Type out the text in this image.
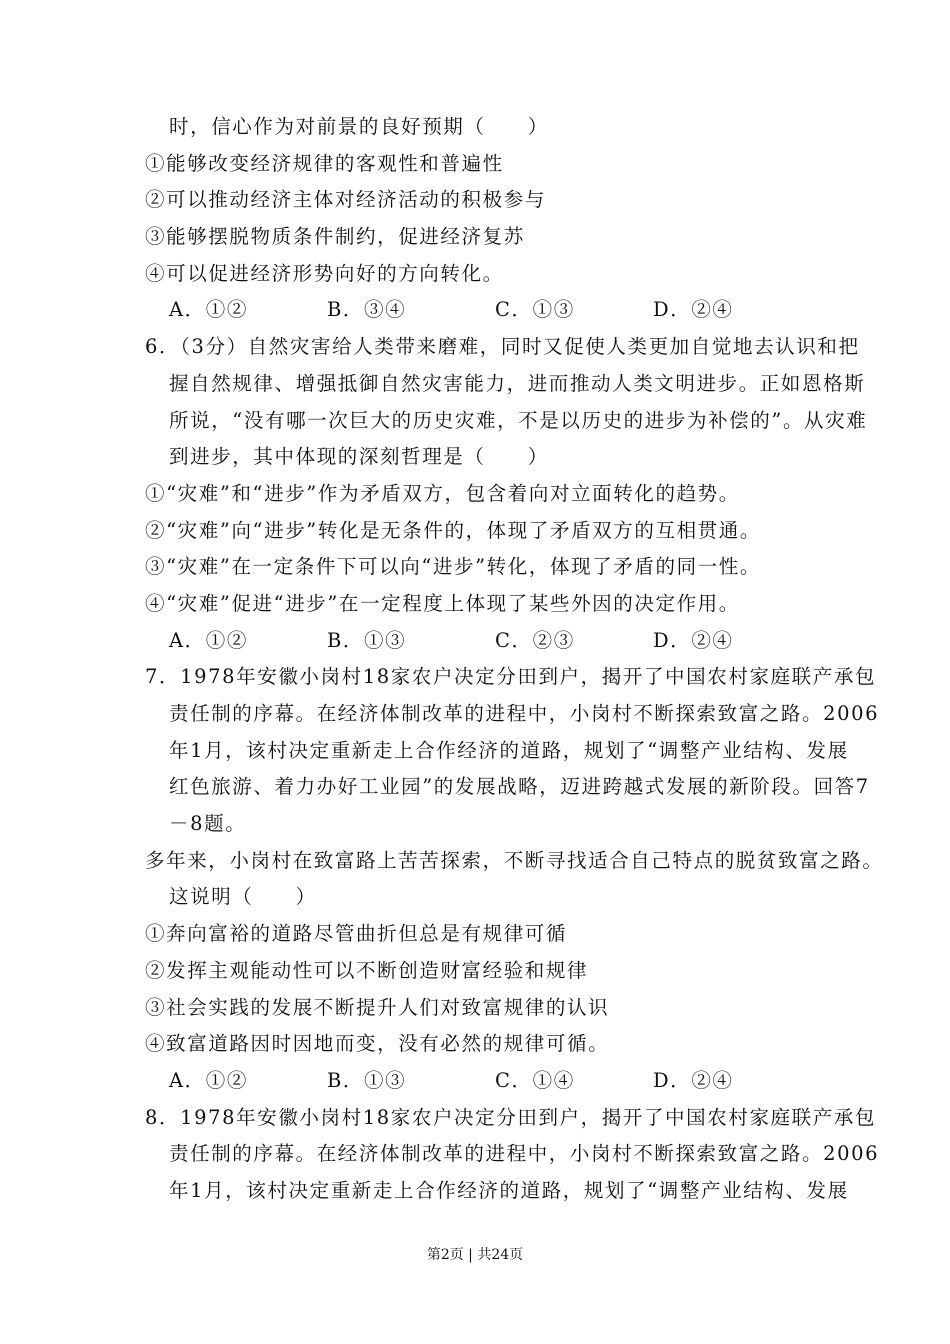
时，信心作为对前景的良好预期（　　）
①能够改变经济规律的客观性和普遍性
②可以推动经济主体对经济活动的积极参与
③能够摆脱物质条件制约，促进经济复苏
④可以促进经济形势向好的方向转化。
A．①②	B．③④	C．①③	D．②④
6．（3分）自然灾害给人类带来磨难，同时又促使人类更加自觉地去认识和把
握自然规律、增强抵御自然灾害能力，进而推动人类文明进步。正如恩格斯
所说，“没有哪一次巨大的历史灾难，不是以历史的进步为补偿的”。从灾难
到进步，其中体现的深刻哲理是（　　）
①“灾难”和“进步”作为矛盾双方，包含着向对立面转化的趋势。
②“灾难”向“进步”转化是无条件的，体现了矛盾双方的互相贯通。
③“灾难”在一定条件下可以向“进步”转化，体现了矛盾的同一性。
④“灾难”促进“进步”在一定程度上体现了某些外因的决定作用。
A．①②	B．①③	C．②③	D．②④
7．1978年安徽小岗村18家农户决定分田到户，揭开了中国农村家庭联产承包
责任制的序幕。在经济体制改革的进程中，小岗村不断探索致富之路。2006
年1月，该村决定重新走上合作经济的道路，规划了“调整产业结构、发展
红色旅游、着力办好工业园”的发展战略，迈进跨越式发展的新阶段。回答7
－8题。
多年来，小岗村在致富路上苦苦探索，不断寻找适合自己特点的脱贫致富之路。
这说明（　　）
①奔向富裕的道路尽管曲折但总是有规律可循
②发挥主观能动性可以不断创造财富经验和规律
③社会实践的发展不断提升人们对致富规律的认识
④致富道路因时因地而变，没有必然的规律可循。
A．①②	B．①③	C．①④	D．②④
8．1978年安徽小岗村18家农户决定分田到户，揭开了中国农村家庭联产承包
责任制的序幕。在经济体制改革的进程中，小岗村不断探索致富之路。2006
年1月，该村决定重新走上合作经济的道路，规划了“调整产业结构、发展
第2页 | 共24页
